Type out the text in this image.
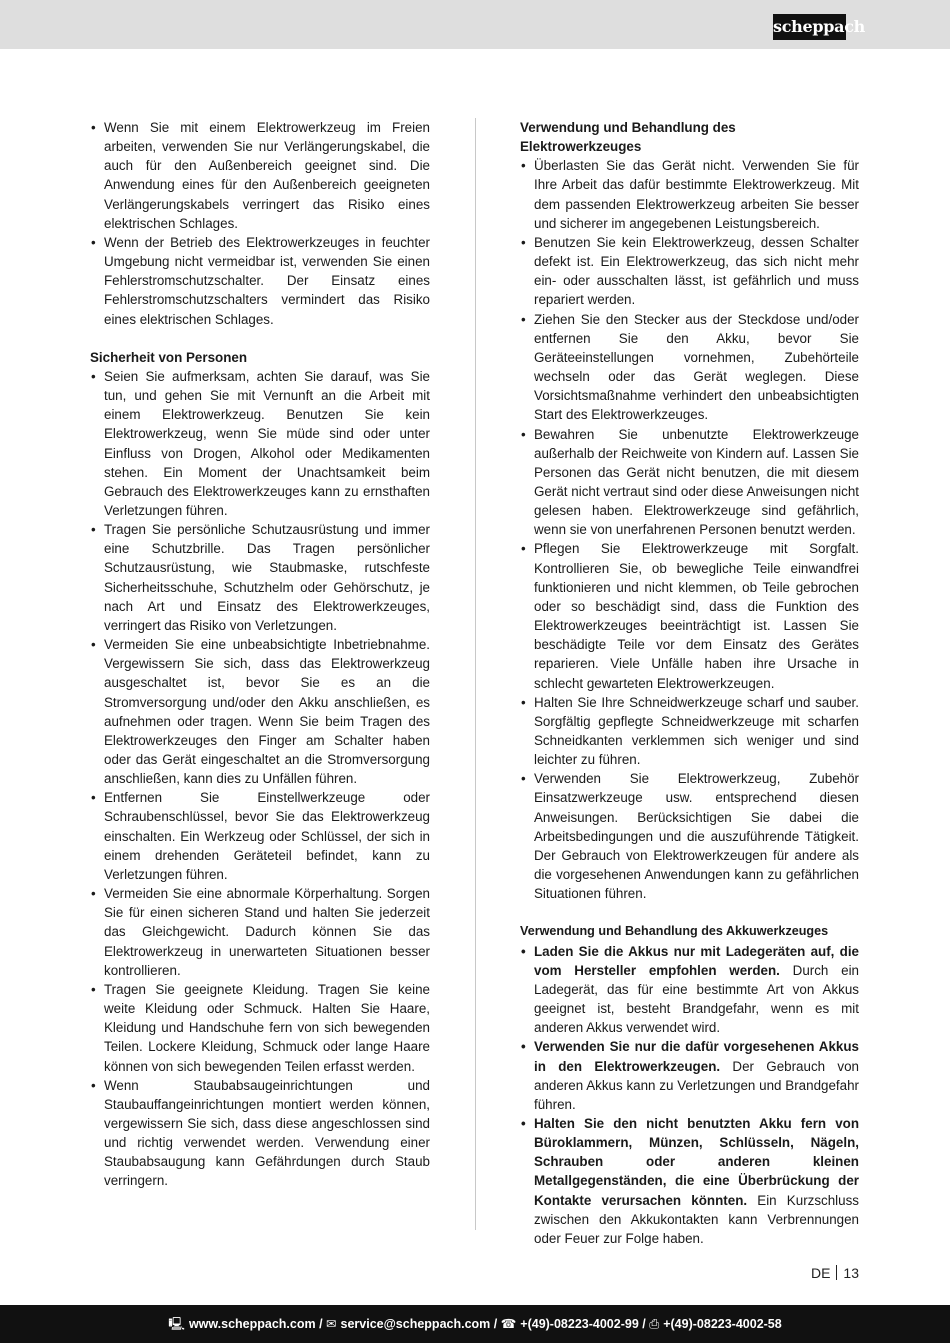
scheppach
• Wenn Sie mit einem Elektrowerkzeug im Freien arbeiten, verwenden Sie nur Verlängerungskabel, die auch für den Außenbereich geeignet sind. Die Anwendung eines für den Außenbereich geeigneten Verlängerungskabels verringert das Risiko eines elektrischen Schlages.
• Wenn der Betrieb des Elektrowerkzeuges in feuchter Umgebung nicht vermeidbar ist, verwenden Sie einen Fehlerstromschutzschalter. Der Einsatz eines Fehlerstromschutzschalters vermindert das Risiko eines elektrischen Schlages.

Sicherheit von Personen

• Seien Sie aufmerksam, achten Sie darauf, was Sie tun, und gehen Sie mit Vernunft an die Arbeit mit einem Elektrowerkzeug. Benutzen Sie kein Elektrowerkzeug, wenn Sie müde sind oder unter Einfluss von Drogen, Alkohol oder Medikamenten stehen. Ein Moment der Unachtsamkeit beim Gebrauch des Elektrowerkzeuges kann zu ernsthaften Verletzungen führen.
• Tragen Sie persönliche Schutzausrüstung und immer eine Schutzbrille. Das Tragen persönlicher Schutzausrüstung, wie Staubmaske, rutschfeste Sicherheitsschuhe, Schutzhelm oder Gehörschutz, je nach Art und Einsatz des Elektrowerkzeuges, verringert das Risiko von Verletzungen.
• Vermeiden Sie eine unbeabsichtigte Inbetriebnahme. Vergewissern Sie sich, dass das Elektrowerkzeug ausgeschaltet ist, bevor Sie es an die Stromversorgung und/oder den Akku anschließen, es aufnehmen oder tragen. Wenn Sie beim Tragen des Elektrowerkzeuges den Finger am Schalter haben oder das Gerät eingeschaltet an die Stromversorgung anschließen, kann dies zu Unfällen führen.
• Entfernen Sie Einstellwerkzeuge oder Schraubenschlüssel, bevor Sie das Elektrowerkzeug einschalten. Ein Werkzeug oder Schlüssel, der sich in einem drehenden Geräteteil befindet, kann zu Verletzungen führen.
• Vermeiden Sie eine abnormale Körperhaltung. Sorgen Sie für einen sicheren Stand und halten Sie jederzeit das Gleichgewicht. Dadurch können Sie das Elektrowerkzeug in unerwarteten Situationen besser kontrollieren.
• Tragen Sie geeignete Kleidung. Tragen Sie keine weite Kleidung oder Schmuck. Halten Sie Haare, Kleidung und Handschuhe fern von sich bewegenden Teilen. Lockere Kleidung, Schmuck oder lange Haare können von sich bewegenden Teilen erfasst werden.
• Wenn Staubabsaugeinrichtungen und Staubauffangeinrichtungen montiert werden können, vergewissern Sie sich, dass diese angeschlossen sind und richtig verwendet werden. Verwendung einer Staubabsaugung kann Gefährdungen durch Staub verringern.

Verwendung und Behandlung des Elektrowerkzeuges

• Überlasten Sie das Gerät nicht. Verwenden Sie für Ihre Arbeit das dafür bestimmte Elektrowerkzeug. Mit dem passenden Elektrowerkzeug arbeiten Sie besser und sicherer im angegebenen Leistungsbereich.
• Benutzen Sie kein Elektrowerkzeug, dessen Schalter defekt ist. Ein Elektrowerkzeug, das sich nicht mehr ein- oder ausschalten lässt, ist gefährlich und muss repariert werden.
• Ziehen Sie den Stecker aus der Steckdose und/oder entfernen Sie den Akku, bevor Sie Geräteeinstellungen vornehmen, Zubehörteile wechseln oder das Gerät weglegen. Diese Vorsichtsmaßnahme verhindert den unbeabsichtigten Start des Elektrowerkzeuges.
• Bewahren Sie unbenutzte Elektrowerkzeuge außerhalb der Reichweite von Kindern auf. Lassen Sie Personen das Gerät nicht benutzen, die mit diesem Gerät nicht vertraut sind oder diese Anweisungen nicht gelesen haben. Elektrowerkzeuge sind gefährlich, wenn sie von unerfahrenen Personen benutzt werden.
• Pflegen Sie Elektrowerkzeuge mit Sorgfalt. Kontrollieren Sie, ob bewegliche Teile einwandfrei funktionieren und nicht klemmen, ob Teile gebrochen oder so beschädigt sind, dass die Funktion des Elektrowerkzeuges beeinträchtigt ist. Lassen Sie beschädigte Teile vor dem Einsatz des Gerätes reparieren. Viele Unfälle haben ihre Ursache in schlecht gewarteten Elektrowerkzeugen.
• Halten Sie Ihre Schneidwerkzeuge scharf und sauber. Sorgfältig gepflegte Schneidwerkzeuge mit scharfen Schneidkanten verklemmen sich weniger und sind leichter zu führen.
• Verwenden Sie Elektrowerkzeug, Zubehör Einsatzwerkzeuge usw. entsprechend diesen Anweisungen. Berücksichtigen Sie dabei die Arbeitsbedingungen und die auszuführende Tätigkeit. Der Gebrauch von Elektrowerkzeugen für andere als die vorgesehenen Anwendungen kann zu gefährlichen Situationen führen.

Verwendung und Behandlung des Akkuwerkzeuges

• Laden Sie die Akkus nur mit Ladegeräten auf, die vom Hersteller empfohlen werden. Durch ein Ladegerät, das für eine bestimmte Art von Akkus geeignet ist, besteht Brandgefahr, wenn es mit anderen Akkus verwendet wird.
• Verwenden Sie nur die dafür vorgesehenen Akkus in den Elektrowerkzeugen. Der Gebrauch von anderen Akkus kann zu Verletzungen und Brandgefahr führen.
• Halten Sie den nicht benutzten Akku fern von Büroklammern, Münzen, Schlüsseln, Nägeln, Schrauben oder anderen kleinen Metallgegenständen, die eine Überbrückung der Kontakte verursachen könnten. Ein Kurzschluss zwischen den Akkukontakten kann Verbrennungen oder Feuer zur Folge haben.
DE 13
🖳 www.scheppach.com / ✉ service@scheppach.com / ☎ +(49)-08223-4002-99 / ⎙ +(49)-08223-4002-58
